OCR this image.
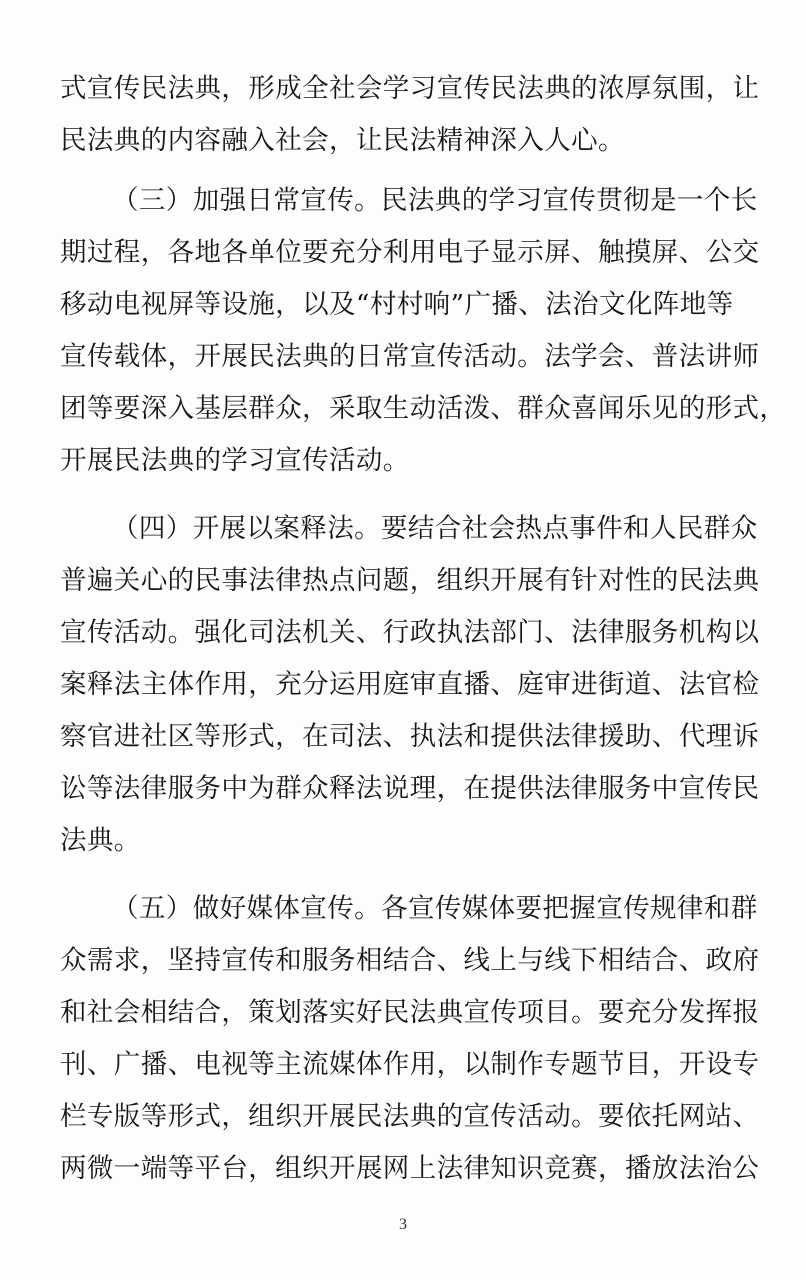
式宣传民法典，形成全社会学习宣传民法典的浓厚氛围，让
民法典的内容融入社会，让民法精神深入人心。
（三）加强日常宣传。民法典的学习宣传贯彻是一个长
期过程，各地各单位要充分利用电子显示屏、触摸屏、公交
移动电视屏等设施，以及“村村响”广播、法治文化阵地等
宣传载体，开展民法典的日常宣传活动。法学会、普法讲师
团等要深入基层群众，采取生动活泼、群众喜闻乐见的形式，
开展民法典的学习宣传活动。
（四）开展以案释法。要结合社会热点事件和人民群众
普遍关心的民事法律热点问题，组织开展有针对性的民法典
宣传活动。强化司法机关、行政执法部门、法律服务机构以
案释法主体作用，充分运用庭审直播、庭审进街道、法官检
察官进社区等形式，在司法、执法和提供法律援助、代理诉
讼等法律服务中为群众释法说理，在提供法律服务中宣传民
法典。
（五）做好媒体宣传。各宣传媒体要把握宣传规律和群
众需求，坚持宣传和服务相结合、线上与线下相结合、政府
和社会相结合，策划落实好民法典宣传项目。要充分发挥报
刊、广播、电视等主流媒体作用，以制作专题节目，开设专
栏专版等形式，组织开展民法典的宣传活动。要依托网站、
两微一端等平台，组织开展网上法律知识竞赛，播放法治公
3
